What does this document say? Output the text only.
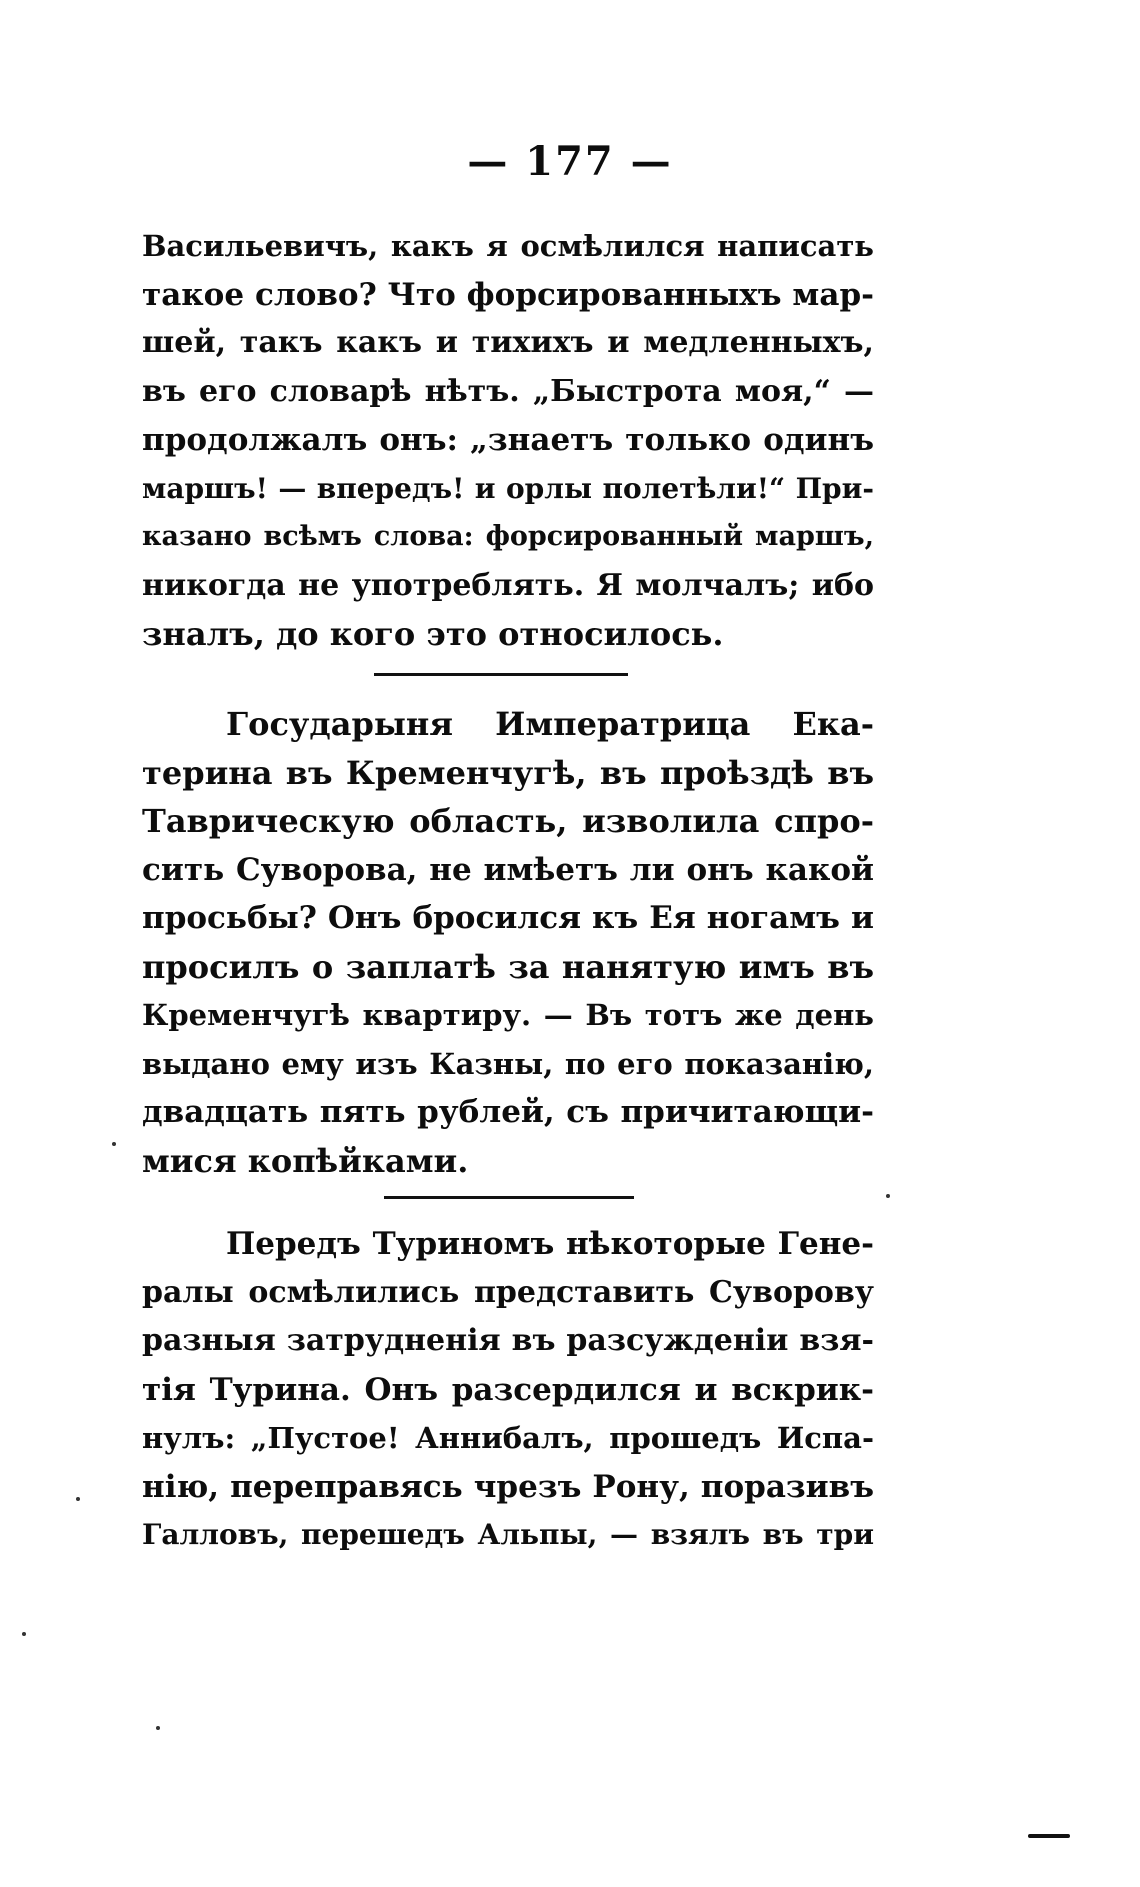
— 177 —
Васильевичъ, какъ я осмѣлился написать
такое слово? Что форсированныхъ мар-
шей, такъ какъ и тихихъ и медленныхъ,
въ его словарѣ нѣтъ. „Быстрота моя,“ —
продолжалъ онъ: „знаетъ только одинъ
маршъ! — впередъ! и орлы полетѣли!“ При-
казано всѣмъ слова: форсированный маршъ,
никогда не употреблять. Я молчалъ; ибо
зналъ, до кого это относилось.
Государыня Императрица Ека-
терина въ Кременчугѣ, въ проѣздѣ въ
Таврическую область, изволила спро-
сить Суворова, не имѣетъ ли онъ какой
просьбы? Онъ бросился къ Ея ногамъ и
просилъ о заплатѣ за нанятую имъ въ
Кременчугѣ квартиру. — Въ тотъ же день
выдано ему изъ Казны, по его показанію,
двадцать пять рублей, съ причитающи-
мися копѣйками.
Передъ Туриномъ нѣкоторые Гене-
ралы осмѣлились представить Суворову
разныя затрудненія въ разсужденіи взя-
тія Турина. Онъ разсердился и вскрик-
нулъ: „Пустое! Аннибалъ, прошедъ Испа-
нію, переправясь чрезъ Рону, поразивъ
Галловъ, перешедъ Альпы, — взялъ въ три
